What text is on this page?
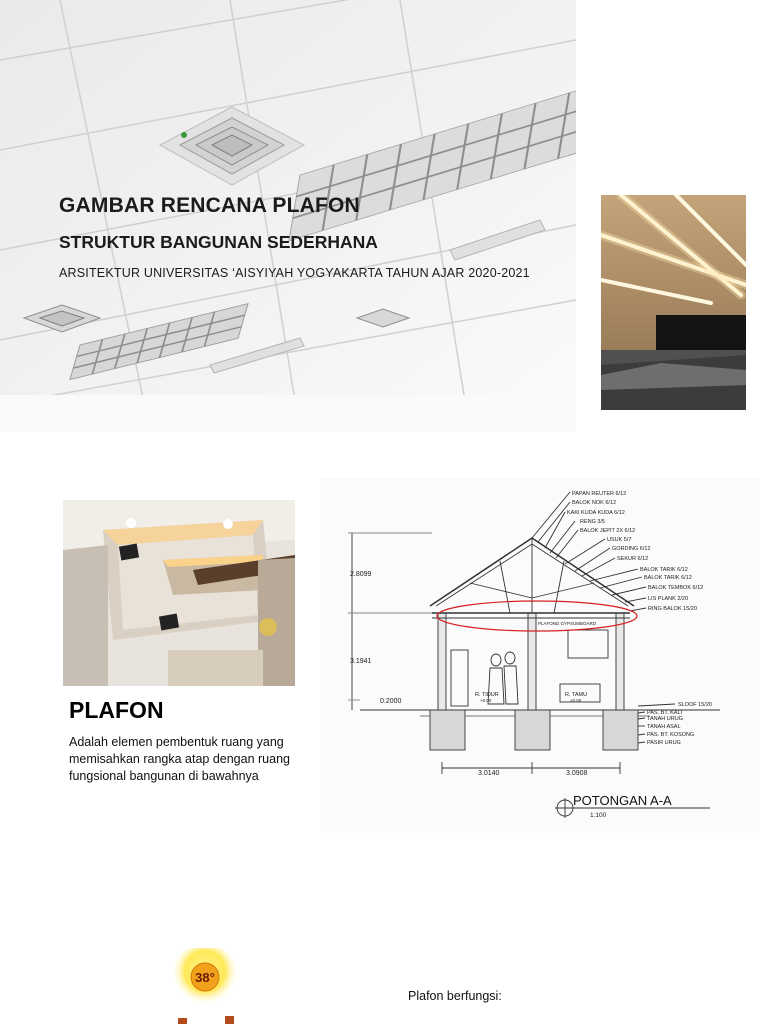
GAMBAR RENCANA PLAFON
STRUKTUR BANGUNAN SEDERHANA
ARSITEKTUR UNIVERSITAS ‘AISYIYAH YOGYAKARTA TAHUN AJAR 2020-2021
PLAFON
Adalah elemen pembentuk ruang yang memisahkan rangka atap dengan ruang fungsional bangunan di bawahnya
PAPAN REUTER 6/12
BALOK NOK 6/12
KAKI KUDA KUDA 6/12
RENG 3/5
BALOK JEPIT 2X 6/12
USUK 5/7
GORDING 6/12
SEKUR 6/12
BALOK TARIK 6/12
BALOK TARIK 6/12
BALOK TEMBOK 6/12
LIS PLANK 2/20
RING BALOK 15/20
SLOOF 15/20
PAS. BT. KALI
TANAH URUG
TANAH ASAL
PAS. BT. KOSONG
PASIR URUG
PLAFOND GYPSUMBOARD
R. TIDUR
+0.00
R. TAMU
±0.00
2.8099
3.1941
0.2000
3.0140	3.0908
POTONGAN A-A
1:100
38°
Plafon berfungsi:
